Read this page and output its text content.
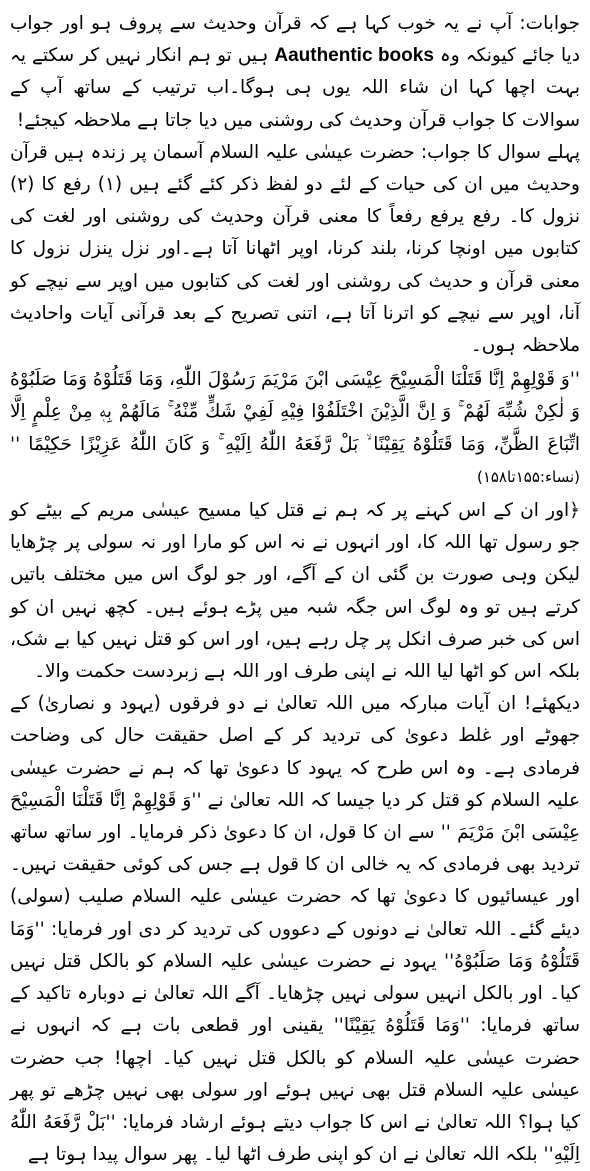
جوابات: آپ نے یہ خوب کہا ہے کہ قرآن وحدیث سے پروف ہو اور جواب دیا جائے کیونکہ وہ Aauthentic books ہیں تو ہم انکار نہیں کر سکتے یہ بہت اچھا کہا ان شاء اللہ یوں ہی ہوگا۔اب ترتیب کے ساتھ آپ کے سوالات کا جواب قرآن وحدیث کی روشنی میں دیا جاتا ہے ملاحظہ کیجئے!

پہلے سوال کا جواب: حضرت عیسٰی علیہ السلام آسمان پر زندہ ہیں قرآن وحدیث میں ان کی حیات کے لئے دو لفظ ذکر کئے گئے ہیں (۱) رفع کا (۲) نزول کا۔ رفع یرفع رفعاً کا معنی قرآن وحدیث کی روشنی اور لغت کی کتابوں میں اونچا کرنا، بلند کرنا، اوپر اٹھانا آتا ہے۔اور نزل ینزل نزول کا معنی قرآن و حدیث کی روشنی اور لغت کی کتابوں میں اوپر سے نیچے کو آنا، اوپر سے نیچے کو اترنا آتا ہے، اتنی تصریح کے بعد قرآنی آیات واحادیث ملاحظہ ہوں۔

''وَ قَوْلِهِمْ اِنَّا قَتَلْنَا الْمَسِيْحَ عِيْسَى ابْنَ مَرْيَمَ رَسُوْلَ اللّٰهِ، وَمَا قَتَلُوْهُ وَمَا صَلَبُوْهُ وَ لٰكِنْ شُبِّهَ لَهُمْ ۚ وَ اِنَّ الَّذِيْنَ اخْتَلَفُوْا فِيْهِ لَفِيْ شَكٍّ مِّنْهُ ۚ مَالَهُمْ بِهٖ مِنْ عِلْمٍ اِلَّا اتِّبَاعَ الظَّنِّ، وَمَا قَتَلُوْهُ يَقِيْنًا ۙ بَلْ رَّفَعَهُ اللّٰهُ اِلَيْهِ ۚ وَ كَانَ اللّٰهُ عَزِيْزًا حَكِيْمًا '' (نساء:۱۵۵تا۱۵۸)

﴿اور ان کے اس کہنے پر کہ ہم نے قتل کیا مسیح عیسٰی مریم کے بیٹے کو جو رسول تھا اللہ کا، اور انہوں نے نہ اس کو مارا اور نہ سولی پر چڑھایا لیکن وہی صورت بن گئی ان کے آگے، اور جو لوگ اس میں مختلف باتیں کرتے ہیں تو وہ لوگ اس جگہ شبہ میں پڑے ہوئے ہیں۔ کچھ نہیں ان کو اس کی خبر صرف انکل پر چل رہے ہیں، اور اس کو قتل نہیں کیا بے شک، بلکہ اس کو اٹھا لیا اللہ نے اپنی طرف اور اللہ ہے زبردست حکمت والا۔

دیکھئے! ان آیات مبارکہ میں اللہ تعالیٰ نے دو فرقوں (یہود و نصاریٰ) کے جھوٹے اور غلط دعویٰ کی تردید کر کے اصل حقیقت حال کی وضاحت فرمادی ہے۔ وہ اس طرح کہ یہود کا دعویٰ تھا کہ ہم نے حضرت عیسٰی علیہ السلام کو قتل کر دیا جیسا کہ اللہ تعالیٰ نے ''وَ قَوْلِهِمْ اِنَّا قَتَلْنَا الْمَسِيْحَ عِيْسَى ابْنَ مَرْيَمَ '' سے ان کا قول، ان کا دعویٰ ذکر فرمایا۔ اور ساتھ ساتھ تردید بھی فرمادی کہ یہ خالی ان کا قول ہے جس کی کوئی حقیقت نہیں۔ اور عیسائیوں کا دعویٰ تھا کہ حضرت عیسٰی علیہ السلام صلیب (سولی) دیئے گئے۔ اللہ تعالیٰ نے دونوں کے دعووں کی تردید کر دی اور فرمایا: ''وَمَا قَتَلُوْهُ وَمَا صَلَبُوْهُ'' یہود نے حضرت عیسٰی علیہ السلام کو بالکل قتل نہیں کیا۔ اور بالکل انہیں سولی نہیں چڑھایا۔ آگے اللہ تعالیٰ نے دوبارہ تاکید کے ساتھ فرمایا: ''وَمَا قَتَلُوْهُ يَقِيْنًا'' یقینی اور قطعی بات ہے کہ انہوں نے حضرت عیسٰی علیہ السلام کو بالکل قتل نہیں کیا۔ اچھا! جب حضرت عیسٰی علیہ السلام قتل بھی نہیں ہوئے اور سولی بھی نہیں چڑھے تو پھر کیا ہوا؟ اللہ تعالیٰ نے اس کا جواب دیتے ہوئے ارشاد فرمایا: ''بَلْ رَّفَعَهُ اللّٰهُ اِلَيْهِ'' بلکہ اللہ تعالیٰ نے ان کو اپنی طرف اٹھا لیا۔ پھر سوال پیدا ہوتا ہے
